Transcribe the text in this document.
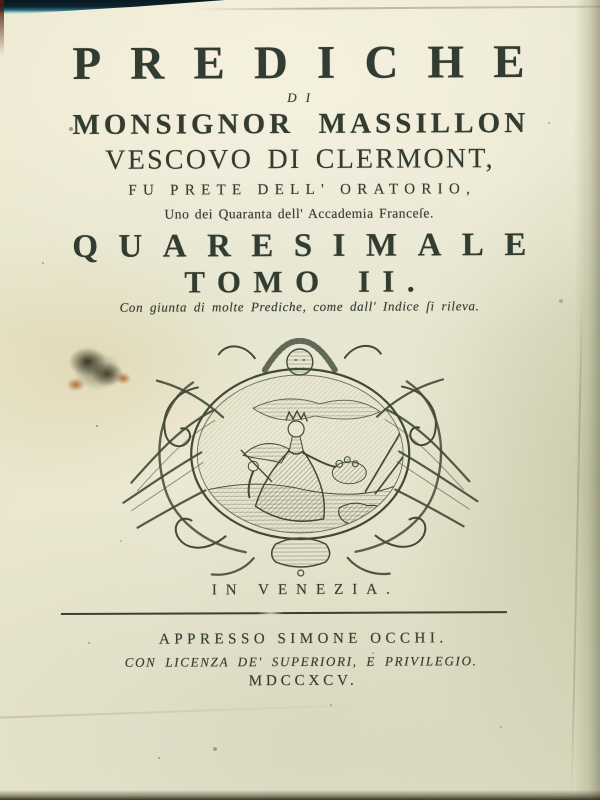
PREDICHE
DI
MONSIGNOR MASSILLON
VESCOVO DI CLERMONT,
FU PRETE DELL' ORATORIO,
Uno dei Quaranta dell' Accademia Franceſe.
QUARESIMALE
TOMO II.
Con giunta di molte Prediche, come dall' Indice ſi rileva.
IN VENEZIA.
APPRESSO SIMONE OCCHI.
CON LICENZA DE' SUPERIORI, E PRIVILEGIO.
MDCCXCV.
